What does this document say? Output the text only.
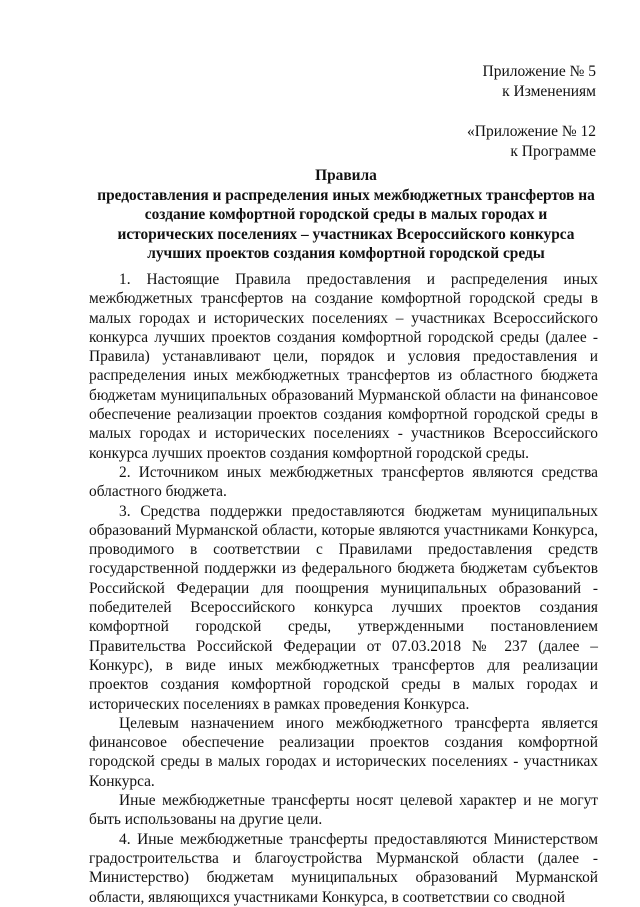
Приложение № 5
к Изменениям
«Приложение № 12
к Программе
Правила
предоставления и распределения иных межбюджетных трансфертов на создание комфортной городской среды в малых городах и исторических поселениях – участниках Всероссийского конкурса лучших проектов создания комфортной городской среды

1. Настоящие Правила предоставления и распределения иных межбюджетных трансфертов на создание комфортной городской среды в малых городах и исторических поселениях – участниках Всероссийского конкурса лучших проектов создания комфортной городской среды (далее - Правила) устанавливают цели, порядок и условия предоставления и распределения иных межбюджетных трансфертов из областного бюджета бюджетам муниципальных образований Мурманской области на финансовое обеспечение реализации проектов создания комфортной городской среды в малых городах и исторических поселениях - участников Всероссийского конкурса лучших проектов создания комфортной городской среды.

2. Источником иных межбюджетных трансфертов являются средства областного бюджета.

3. Средства поддержки предоставляются бюджетам муниципальных образований Мурманской области, которые являются участниками Конкурса, проводимого в соответствии с Правилами предоставления средств государственной поддержки из федерального бюджета бюджетам субъектов Российской Федерации для поощрения муниципальных образований - победителей Всероссийского конкурса лучших проектов создания комфортной городской среды, утвержденными постановлением Правительства Российской Федерации от 07.03.2018 № 237 (далее – Конкурс), в виде иных межбюджетных трансфертов для реализации проектов создания комфортной городской среды в малых городах и исторических поселениях в рамках проведения Конкурса.

Целевым назначением иного межбюджетного трансферта является финансовое обеспечение реализации проектов создания комфортной городской среды в малых городах и исторических поселениях - участниках Конкурса.

Иные межбюджетные трансферты носят целевой характер и не могут быть использованы на другие цели.

4. Иные межбюджетные трансферты предоставляются Министерством градостроительства и благоустройства Мурманской области (далее - Министерство) бюджетам муниципальных образований Мурманской области, являющихся участниками Конкурса, в соответствии со сводной
